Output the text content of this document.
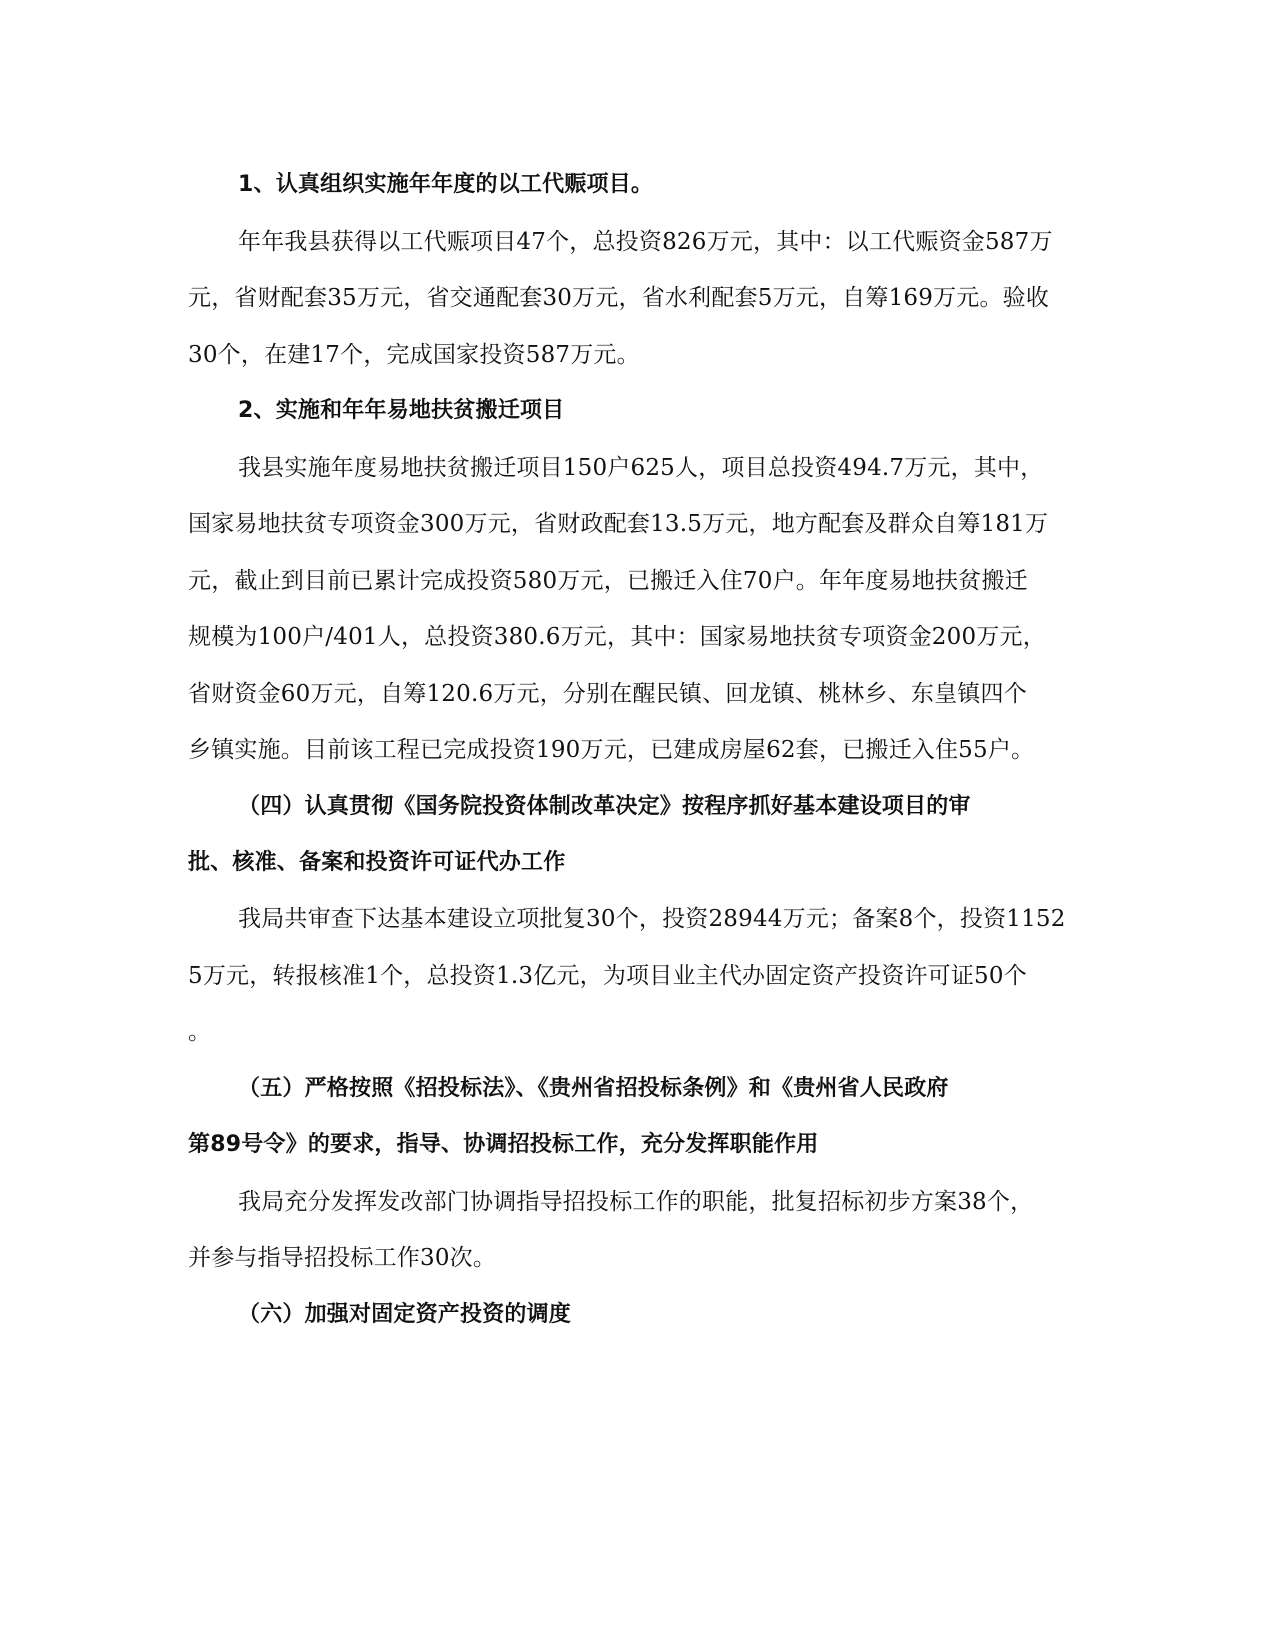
1、认真组织实施年年度的以工代赈项目。
年年我县获得以工代赈项目47个，总投资826万元，其中：以工代赈资金587万
元，省财配套35万元，省交通配套30万元，省水利配套5万元，自筹169万元。验收
30个，在建17个，完成国家投资587万元。
2、实施和年年易地扶贫搬迁项目
我县实施年度易地扶贫搬迁项目150户625人，项目总投资494.7万元，其中，
国家易地扶贫专项资金300万元，省财政配套13.5万元，地方配套及群众自筹181万
元，截止到目前已累计完成投资580万元，已搬迁入住70户。年年度易地扶贫搬迁
规模为100户/401人，总投资380.6万元，其中：国家易地扶贫专项资金200万元，
省财资金60万元，自筹120.6万元，分别在醒民镇、回龙镇、桃林乡、东皇镇四个
乡镇实施。目前该工程已完成投资190万元，已建成房屋62套，已搬迁入住55户。
（四）认真贯彻《国务院投资体制改革决定》按程序抓好基本建设项目的审
批、核准、备案和投资许可证代办工作
我局共审查下达基本建设立项批复30个，投资28944万元；备案8个，投资1152
5万元，转报核准1个，总投资1.3亿元，为项目业主代办固定资产投资许可证50个
。
（五）严格按照《招投标法》、《贵州省招投标条例》和《贵州省人民政府
第89号令》的要求，指导、协调招投标工作，充分发挥职能作用
我局充分发挥发改部门协调指导招投标工作的职能，批复招标初步方案38个，
并参与指导招投标工作30次。
（六）加强对固定资产投资的调度
